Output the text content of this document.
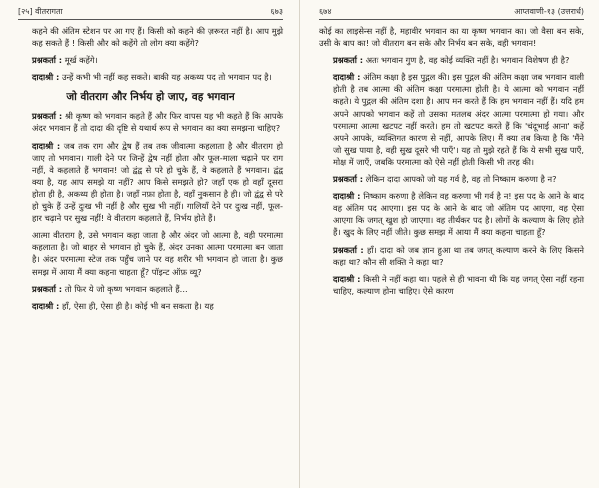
[२५] वीतरागता	६७३

कहने की अंतिम स्टेशन पर आ गए हैं। किसी को कहने की ज़रूरत नहीं है। आप मुझे कह सकते हैं ! किसी और को कहेंगे तो लोग क्या कहेंगे?

प्रश्नकर्ता : मूर्ख कहेंगे।

दादाश्री : उन्हें कभी भी नहीं कह सकते। बाकी यह अकथ्य पद तो भगवान पद है।

जो वीतराग और निर्भय हो जाए, वह भगवान

प्रश्नकर्ता : श्री कृष्ण को भगवान कहते हैं और फिर वापस यह भी कहते हैं कि आपके अंदर भगवान हैं तो दादा की दृष्टि से यथार्थ रूप से भगवान का क्या समझना चाहिए?

दादाश्री : जब तक राग और द्वेष हैं तब तक जीवात्मा कहलाता है और वीतराग हो जाए तो भगवान। गाली देने पर जिन्हें द्वेष नहीं होता और फूल-माला चढ़ाने पर राग नहीं, वे कहलाते हैं भगवान! जो द्वंद्व से परे हो चुके हैं, वे कहलाते हैं भगवान। द्वंद्व क्या है, यह आप समझे या नहीं? आप किसे समझते हो? जहाँ एक हो वहाँ दूसरा होता ही है, अकथ्य ही होता है। जहाँ नफ़ा होता है, वहाँ नुकसान है ही। जो द्वंद्व से परे हो चुके हैं उन्हें दुःख भी नहीं है और सुख भी नहीं। गालियाँ देने पर दुःख नहीं, फूल-हार चढ़ाने पर सुख नहीं! वे वीतराग कहलाते हैं, निर्भय होते हैं।

आत्मा वीतराग है, उसे भगवान कहा जाता है और अंदर जो आत्मा है, वही परमात्मा कहलाता है। जो बाहर से भगवान हो चुके हैं, अंदर उनका आत्मा परमात्मा बन जाता है। अंदर परमात्मा स्टेज तक पहुँच जाने पर वह शरीर भी भगवान हो जाता है। कुछ समझ में आया मैं क्या कहना चाहता हूँ? पॉइन्ट ऑफ़ व्यू?

प्रश्नकर्ता : तो फिर ये जो कृष्ण भगवान कहलाते हैं...

दादाश्री : हाँ, ऐसा ही, ऐसा ही है। कोई भी बन सकता है। यह

६७४	आप्तवाणी-१३ (उत्तरार्ध)

कोई का लाइसेन्स नहीं है, महावीर भगवान का या कृष्ण भगवान का। जो वैसा बन सके, उसी के बाप का! जो वीतराग बन सके और निर्भय बन सके, वही भगवान!

प्रश्नकर्ता : अतः भगवान गुण है, वह कोई व्यक्ति नहीं है। भगवान विशेषण ही है?

दादाश्री : अंतिम कक्षा है इस पुद्गल की। इस पुद्गल की अंतिम कक्षा जब भगवान वाली होती है तब आत्मा की अंतिम कक्षा परमात्मा होती है। ये आत्मा को भगवान नहीं कहते। ये पुद्गल की अंतिम दशा है। आप मन करते हैं कि हम भगवान नहीं हैं। यदि हम अपने आपको भगवान कहें तो उसका मतलब अंदर आत्मा परमात्मा हो गया। और परमात्मा आत्मा खटपट नहीं करते। हम तो खटपट करते हैं कि 'चंदूभाई आना' कहें अपने आपके, व्यक्तिगत कारण से नहीं, आपके लिए। मैं क्या तब किया है कि 'मैंने जो सुख पाया है, वही सुख दूसरे भी पाएँ'। यह तो मुझे रहते हैं कि ये सभी सुख पाएँ, मोक्ष में जाएँ, जबकि परमात्मा को ऐसे नहीं होती किसी भी तरह की।

प्रश्नकर्ता : लेकिन दादा आपको जो यह गर्व है, वह तो निष्काम करुणा है न?

दादाश्री : निष्काम करुणा है लेकिन वह करुणा भी गर्व है न! इस पद के आने के बाद वह अंतिम पद आएगा। इस पद के आने के बाद जो अंतिम पद आएगा, वह ऐसा आएगा कि जगत् खुश हो जाएगा। वह तीर्थंकर पद है। लोगों के कल्याण के लिए होते हैं। खुद के लिए नहीं जीते। कुछ समझ में आया मैं क्या कहना चाहता हूँ?

प्रश्नकर्ता : हाँ। दादा को जब ज्ञान हुआ था तब जगत् कल्याण करने के लिए किसने कहा था? कौन सी शक्ति ने कहा था?

दादाश्री : किसी ने नहीं कहा था। पहले से ही भावना थी कि यह जगत् ऐसा नहीं रहना चाहिए, कल्याण होना चाहिए। ऐसे कारण
